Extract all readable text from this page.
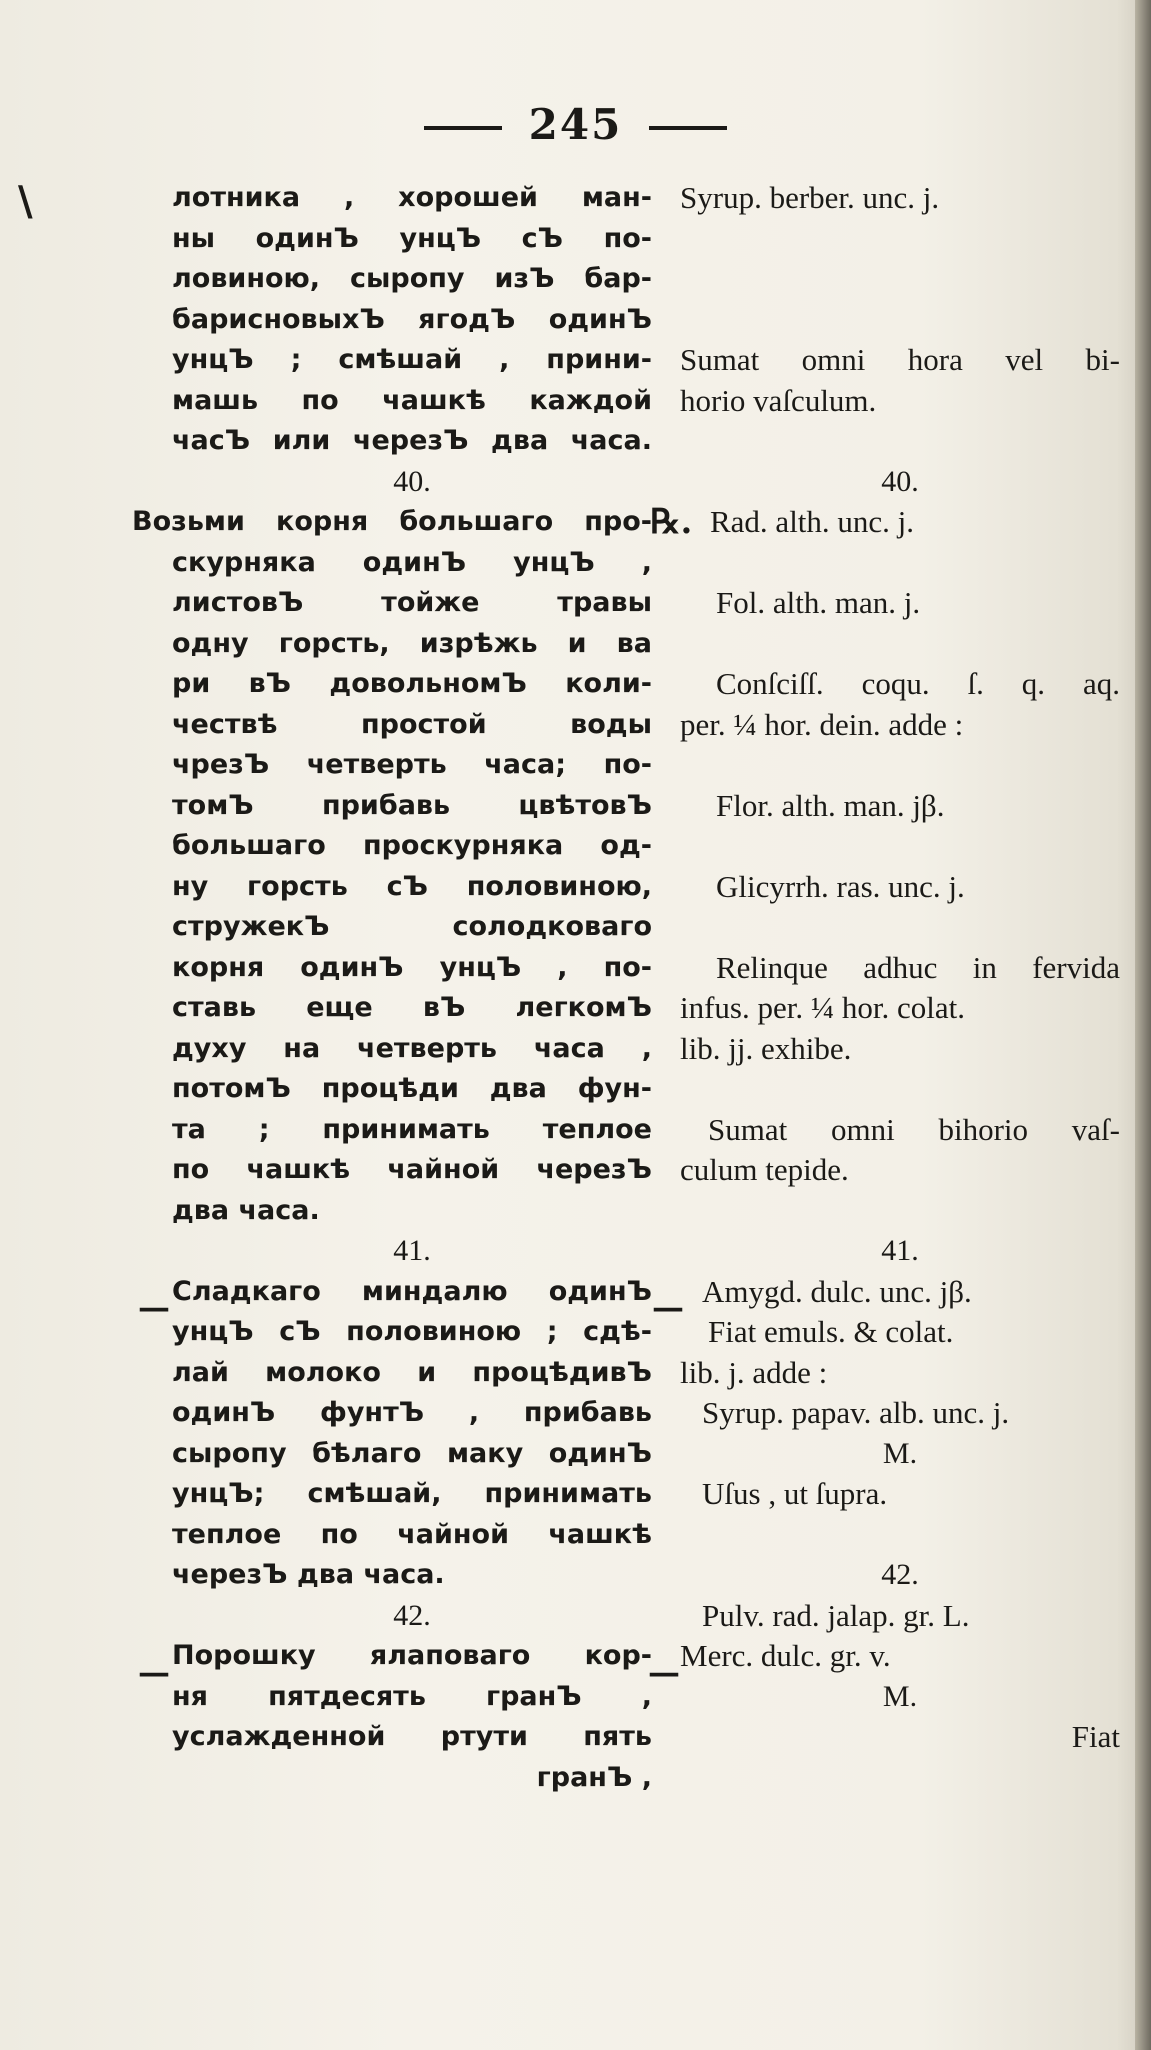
245
\	лотника , хорошей ман-
ны одинЪ унцЪ сЪ по-
ловиною, сыропу изЪ бар-
барисновыхЪ ягодЪ одинЪ
унцЪ ; смѣшай , прини-
машь по чашкѣ каждой
часЪ или черезЪ два часа.
40.
Возьми корня большаго про-
скурняка одинЪ унцЪ ,
листовЪ тойже травы
одну горсть, изрѣжь и ва
ри вЪ довольномЪ коли-
чествѣ простой воды
чрезЪ четверть часа; по-
томЪ прибавь цвѣтовЪ
большаго проскурняка од-
ну горсть сЪ половиною,
стружекЪ солодковаго
корня одинЪ унцЪ , по-
ставь еще вЪ легкомЪ
духу на четверть часа ,
потомЪ процѣди два фун-
та ; принимать теплое
по чашкѣ чайной черезЪ
два часа.
41.
Сладкаго миндалю одинЪ
унцЪ сЪ половиною ; сдѣ-
лай молоко и процѣдивЪ
одинЪ фунтЪ , прибавь
сыропу бѣлаго маку одинЪ
унцЪ; смѣшай, принимать
теплое по чайной чашкѣ
черезЪ два часа.
42.
Порошку ялаповаго кор-
ня пятдесять гранЪ ,
услажденной ртути пять
гранЪ ,
—
—
℞.
Syrup. berber. unc. j.
Sumat omni hora vel bi-
horio vaſculum.
40.
Rad. alth. unc. j.
Fol. alth. man. j.
Conſciſſ. coqu. ſ. q. aq.
per. ¼ hor. dein. adde :
Flor. alth. man. jβ.
Glicyrrh. ras. unc. j.
Relinque adhuc in fervida
infus. per. ¼ hor. colat.
lib. jj. exhibe.
Sumat omni bihorio vaſ-
culum tepide.
41.
Amygd. dulc. unc. jβ.
Fiat emuls. & colat.
lib. j. adde :
Syrup. papav. alb. unc. j.
M.
Uſus , ut ſupra.
42.
Pulv. rad. jalap. gr. L.
Merc. dulc. gr. v.
M.
Fiat
—
—
